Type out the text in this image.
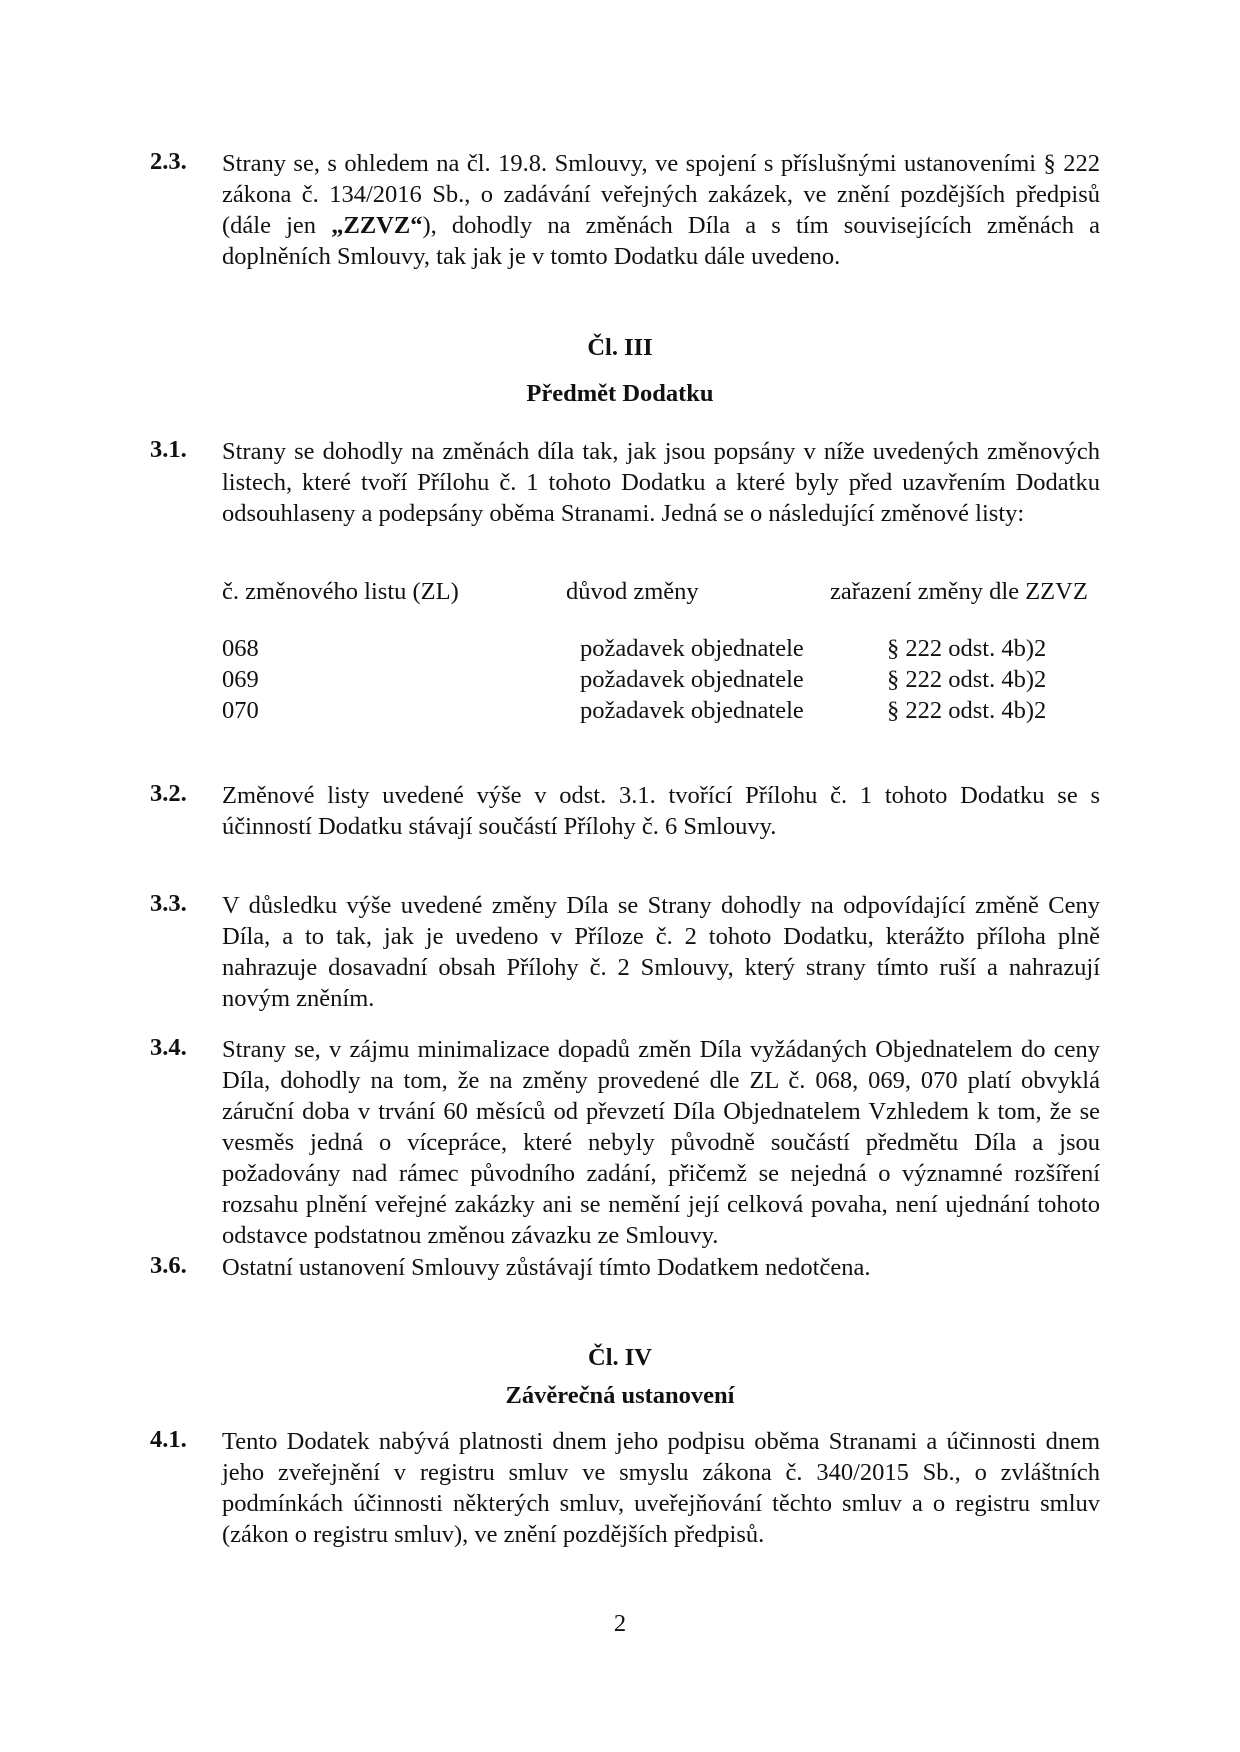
2.3. Strany se, s ohledem na čl. 19.8. Smlouvy, ve spojení s příslušnými ustanoveními § 222 zákona č. 134/2016 Sb., o zadávání veřejných zakázek, ve znění pozdějších předpisů (dále jen „ZZVZ“), dohodly na změnách Díla a s tím souvisejících změnách a doplněních Smlouvy, tak jak je v tomto Dodatku dále uvedeno.
Čl. III
Předmět Dodatku
3.1. Strany se dohodly na změnách díla tak, jak jsou popsány v níže uvedených změnových listech, které tvoří Přílohu č. 1 tohoto Dodatku a které byly před uzavřením Dodatku odsouhlaseny a podepsány oběma Stranami. Jedná se o následující změnové listy:
č. změnového listu (ZL)	důvod změny	zařazení změny dle ZZVZ
068	požadavek objednatele	§ 222 odst. 4b)2
069	požadavek objednatele	§ 222 odst. 4b)2
070	požadavek objednatele	§ 222 odst. 4b)2
3.2. Změnové listy uvedené výše v odst. 3.1. tvořící Přílohu č. 1 tohoto Dodatku se s účinností Dodatku stávají součástí Přílohy č. 6 Smlouvy.
3.3. V důsledku výše uvedené změny Díla se Strany dohodly na odpovídající změně Ceny Díla, a to tak, jak je uvedeno v Příloze č. 2 tohoto Dodatku, kterážto příloha plně nahrazuje dosavadní obsah Přílohy č. 2 Smlouvy, který strany tímto ruší a nahrazují novým zněním.
3.4. Strany se, v zájmu minimalizace dopadů změn Díla vyžádaných Objednatelem do ceny Díla, dohodly na tom, že na změny provedené dle ZL č. 068, 069, 070 platí obvyklá záruční doba v trvání 60 měsíců od převzetí Díla Objednatelem Vzhledem k tom, že se vesměs jedná o vícepráce, které nebyly původně součástí předmětu Díla a jsou požadovány nad rámec původního zadání, přičemž se nejedná o významné rozšíření rozsahu plnění veřejné zakázky ani se nemění její celková povaha, není ujednání tohoto odstavce podstatnou změnou závazku ze Smlouvy.
3.6. Ostatní ustanovení Smlouvy zůstávají tímto Dodatkem nedotčena.
Čl. IV
Závěrečná ustanovení
4.1. Tento Dodatek nabývá platnosti dnem jeho podpisu oběma Stranami a účinnosti dnem jeho zveřejnění v registru smluv ve smyslu zákona č. 340/2015 Sb., o zvláštních podmínkách účinnosti některých smluv, uveřejňování těchto smluv a o registru smluv (zákon o registru smluv), ve znění pozdějších předpisů.
2
